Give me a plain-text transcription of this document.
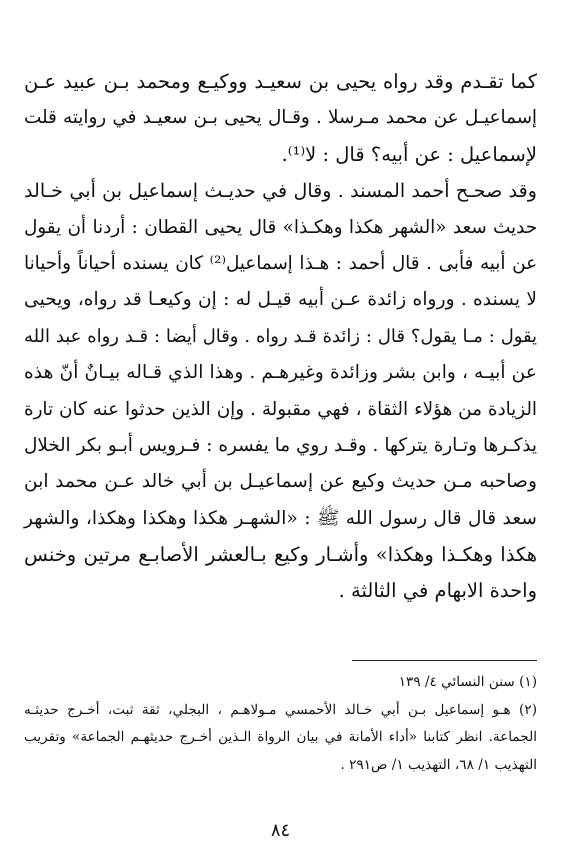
كما تقـدم وقد رواه يحيى بن سعيـد ووكيـع ومحمد بـن عبيد عـن
إسماعيـل عن محمد مـرسلا . وقـال يحيى بـن سعيـد في روايته قلت
لإسماعيل : عن أبيه؟ قال : لا⁽¹⁾.
وقد صحـح أحمد المسند . وقال في حديـث إسماعيل بن أبي خـالد
حديث سعد «الشهر هكذا وهكـذا» قال يحيى القطان : أردنا أن يقول
عن أبيه فأبى . قال أحمد : هـذا إسماعيل⁽²⁾ كان يسنده أحياناً وأحيانا
لا يسنده . ورواه زائدة عـن أبيه قيـل له : إن وكيعـا قد رواه، ويحيى
يقول : مـا يقول؟ قال : زائدة قـد رواه . وقال أيضا : قـد رواه عبد الله
عن أبيـه ، وابن بشر وزائدة وغيرهـم . وهذا الذي قـاله بيـانٌ أنّ هذه
الزيادة من هؤلاء الثقاة ، فهي مقبولة . وإن الذين حدثوا عنه كان تارة
يذكـرها وتـارة يتركها . وقـد روي ما يفسره : فـرويس أبـو بكر الخلال
وصاحبه مـن حديث وكيع عن إسماعيـل بن أبي خالد عـن محمد ابن
سعد قال قال رسول الله ﷺ : «الشهـر هكذا وهكذا وهكذا، والشهر
هكذا وهكـذا وهكذا» وأشـار وكيع بـالعشر الأصابـع مرتين وخنس
واحدة الابهام في الثالثة .
(١) سنن النسائي ٤/ ١٣٩
(٢) هـو إسماعيل بـن أبي خـالد الأحمسي مـولاهـم ، البجلي، ثقة ثبت، أخـرج حديثـه
الجماعة. انظر كتابنا «أداء الأمانة في بيان الرواة الـذين أخـرج حديثهـم الجماعة» وتقريب
التهذيب ١/ ٦٨، التهذيب ١/ ص٢٩١ .
٨٤
